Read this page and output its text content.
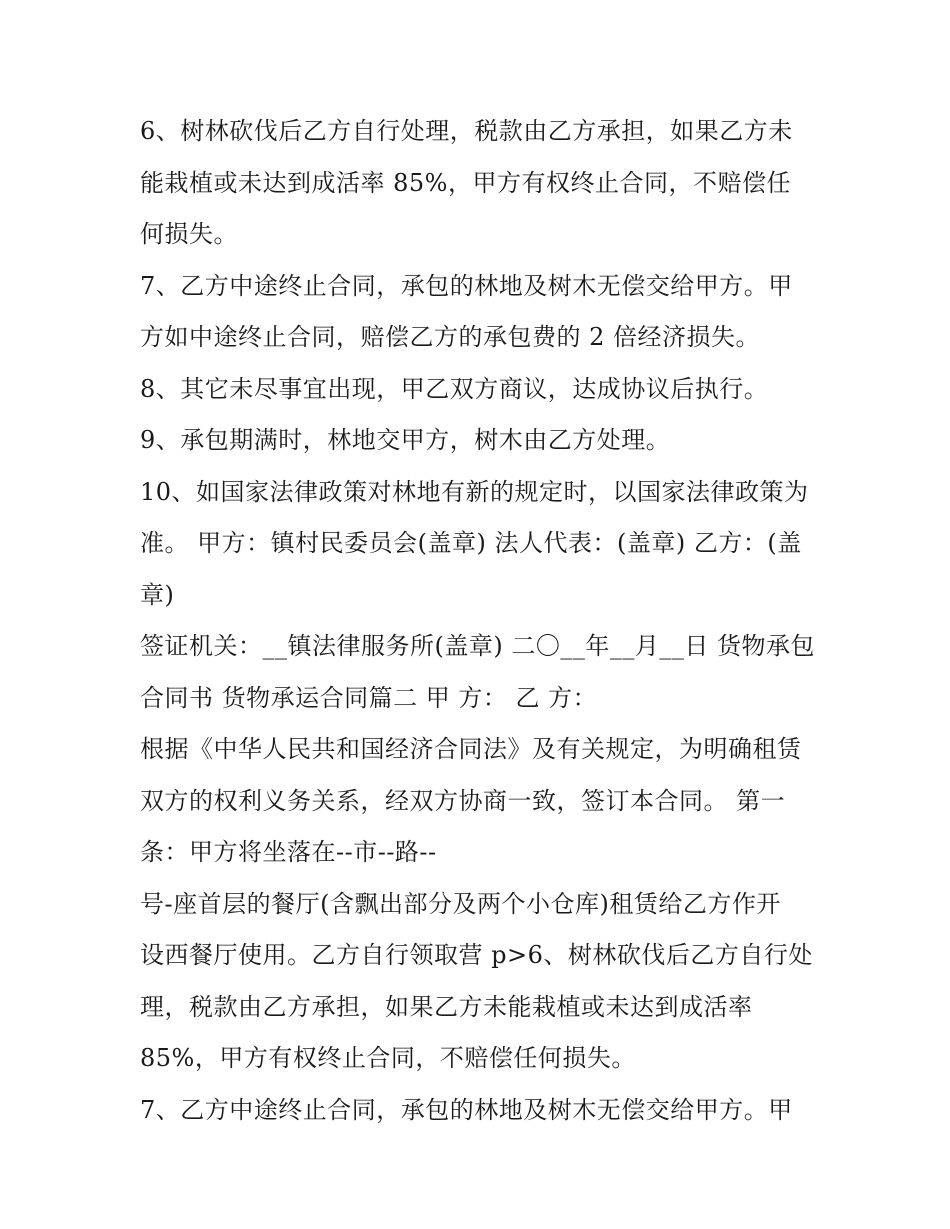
6、树林砍伐后乙方自行处理，税款由乙方承担，如果乙方未
能栽植或未达到成活率 85%，甲方有权终止合同，不赔偿任
何损失。
7、乙方中途终止合同，承包的林地及树木无偿交给甲方。甲
方如中途终止合同，赔偿乙方的承包费的 2 倍经济损失。
8、其它未尽事宜出现，甲乙双方商议，达成协议后执行。
9、承包期满时，林地交甲方，树木由乙方处理。
10、如国家法律政策对林地有新的规定时，以国家法律政策为
准。 甲方：镇村民委员会(盖章) 法人代表：(盖章) 乙方：(盖
章)
签证机关：__镇法律服务所(盖章) 二〇__年__月__日 货物承包
合同书 货物承运合同篇二 甲 方： 乙 方：
根据《中华人民共和国经济合同法》及有关规定，为明确租赁
双方的权利义务关系，经双方协商一致，签订本合同。 第一
条：甲方将坐落在--市--路--
号-座首层的餐厅(含飘出部分及两个小仓库)租赁给乙方作开
设西餐厅使用。乙方自行领取营 p>6、树林砍伐后乙方自行处
理，税款由乙方承担，如果乙方未能栽植或未达到成活率
85%，甲方有权终止合同，不赔偿任何损失。
7、乙方中途终止合同，承包的林地及树木无偿交给甲方。甲
